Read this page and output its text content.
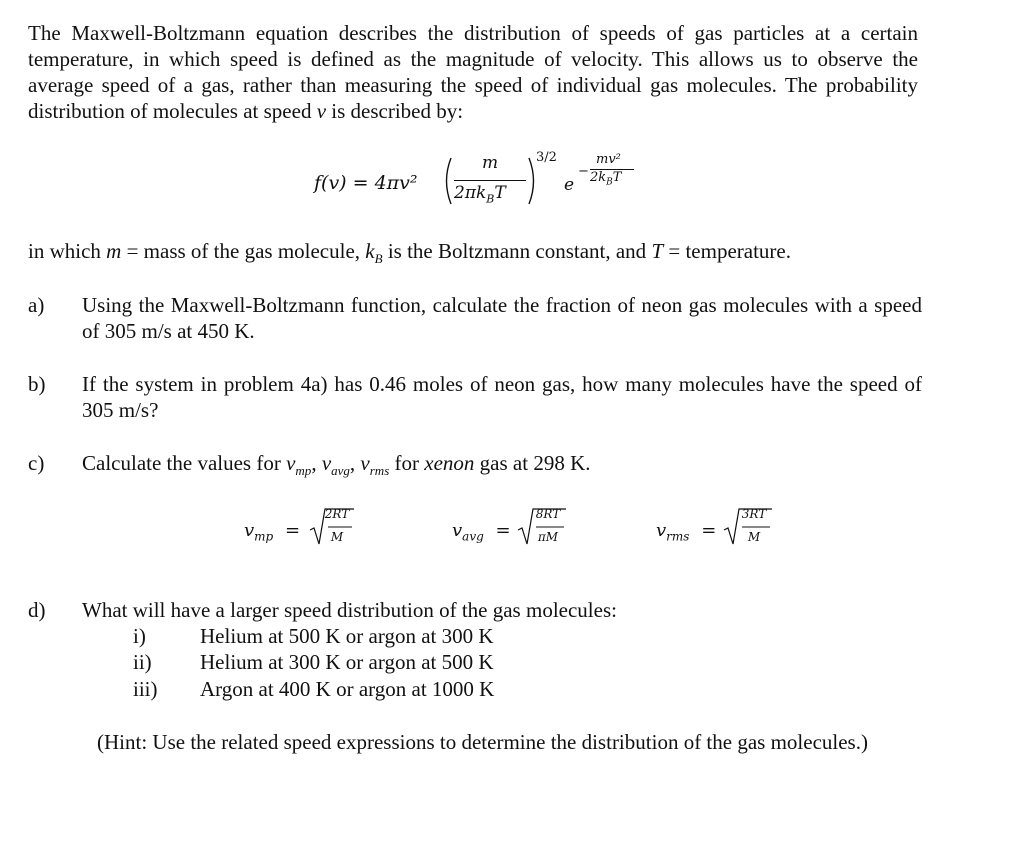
The Maxwell-Boltzmann equation describes the distribution of speeds of gas particles at a certain temperature, in which speed is defined as the magnitude of velocity. This allows us to observe the average speed of a gas, rather than measuring the speed of individual gas molecules. The probability distribution of molecules at speed v is described by:
f(v) = 4πv²
m
$2\pi k_BT$
3/2
e
−
mv²
$2k_BT$
in which m = mass of the gas molecule, $k_B$ is the Boltzmann constant, and T = temperature.
a) Using the Maxwell-Boltzmann function, calculate the fraction of neon gas molecules with a speed of 305 m/s at 450 K.
b) If the system in problem 4a) has 0.46 moles of neon gas, how many molecules have the speed of 305 m/s?
c) Calculate the values for $v_{mp}$, $v_{avg}$, $v_{rms}$ for xenon gas at 298 K.
$v_{mp}$ =
2RT
M	$v_{avg}$ =
8RT
πM	$v_{rms}$ =
3RT
M
d) What will have a larger speed distribution of the gas molecules:
i)	Helium at 500 K or argon at 300 K
ii) Helium at 300 K or argon at 500 K
iii) Argon at 400 K or argon at 1000 K
(Hint: Use the related speed expressions to determine the distribution of the gas molecules.)
